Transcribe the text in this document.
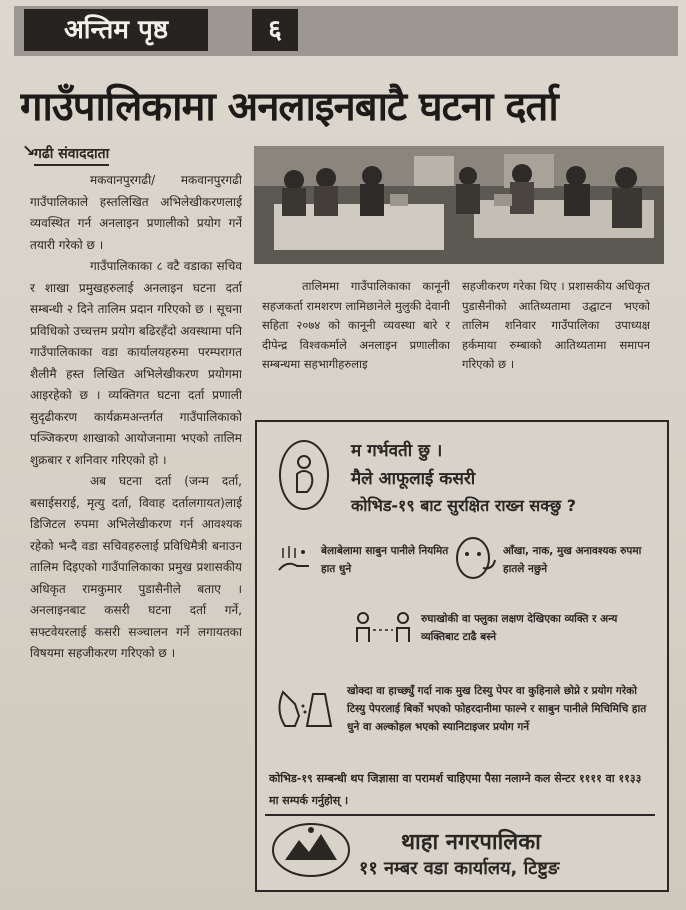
अन्तिम पृष्ठ	६
गाउँपालिकामा अनलाइनबाटै घटना दर्ता
↘
गढी संवाददाता

मकवानपुरगढी/ मकवानपुरगढी गाउँपालिकाले हस्तलिखित अभिलेखीकरणलाई व्यवस्थित गर्न अनलाइन प्रणालीको प्रयोग गर्ने तयारी गरेको छ ।

गाउँपालिकाका ८ वटै वडाका सचिव र शाखा प्रमुखहरुलाई अनलाइन घटना दर्ता सम्बन्धी २ दिने तालिम प्रदान गरिएको छ । सूचना प्रविधिको उच्चत्तम प्रयोग बढिरहँदो अवस्थामा पनि गाउँपालिकाका वडा कार्यालयहरुमा परम्परागत शैलीमै हस्त लिखित अभिलेखीकरण प्रयोगमा आइरहेको छ । व्यक्तिगत घटना दर्ता प्रणाली सुदृढीकरण कार्यक्रमअन्तर्गत गाउँपालिकाको पञ्जिकरण शाखाको आयोजनामा भएको तालिम शुक्रबार र शनिवार गरिएको हो ।

अब घटना दर्ता (जन्म दर्ता, बसाईसराई, मृत्यु दर्ता, विवाह दर्तालगायत)लाई डिजिटल रुपमा अभिलेखीकरण गर्न आवश्यक रहेको भन्दै वडा सचिवहरुलाई प्रविधिमैत्री बनाउन तालिम दिइएको गाउँपालिकाका प्रमुख प्रशासकीय अधिकृत रामकुमार पुडासैनीले बताए । अनलाइनबाट कसरी घटना दर्ता गर्ने, सफ्टवेयरलाई कसरी सञ्चालन गर्ने लगायतका विषयमा सहजीकरण गरिएको छ ।

तालिममा गाउँपालिकाका कानूनी सहजकर्ता रामशरण लामिछानेले मुलुकी देवानी सहिता २०७४ को कानूनी व्यवस्था बारे र दीपेन्द्र विश्वकर्माले अनलाइन प्रणालीका सम्बन्धमा सहभागीहरुलाइ

सहजीकरण गरेका थिए । प्रशासकीय अधिकृत पुडासैनीको आतिथ्यतामा उद्घाटन भएको तालिम शनिवार गाउँपालिका उपाध्यक्ष हर्कमाया रुम्बाको आतिथ्यतामा समापन गरिएको छ ।

म गर्भवती छु ।
मैले आफूलाई कसरी
कोभिड-१९ बाट सुरक्षित राख्न सक्छु ?
बेलाबेलामा साबुन पानीले नियमित हात धुने
आँखा, नाक, मुख अनावश्यक रुपमा हातले नछुने
रुघाखोकी वा फ्लुका लक्षण देखिएका व्यक्ति र अन्य व्यक्तिबाट टाढै बस्ने
खोक्दा वा हाच्छ्युँ गर्दा नाक मुख टिस्यु पेपर वा कुहिनाले छोप्ने र प्रयोग गरेको टिस्यु पेपरलाई बिर्को भएको फोहरदानीमा फाल्ने र साबुन पानीले मिचिमिचि हात धुने वा अल्कोहल भएको स्यानिटाइजर प्रयोग गर्ने
कोभिड-१९ सम्बन्धी थप जिज्ञासा वा परामर्श चाहिएमा पैसा नलाग्ने कल सेन्टर ११११ वा ११३३ मा सम्पर्क गर्नुहोस् ।
थाहा नगरपालिका
११ नम्बर वडा कार्यालय, टिष्टुङ
